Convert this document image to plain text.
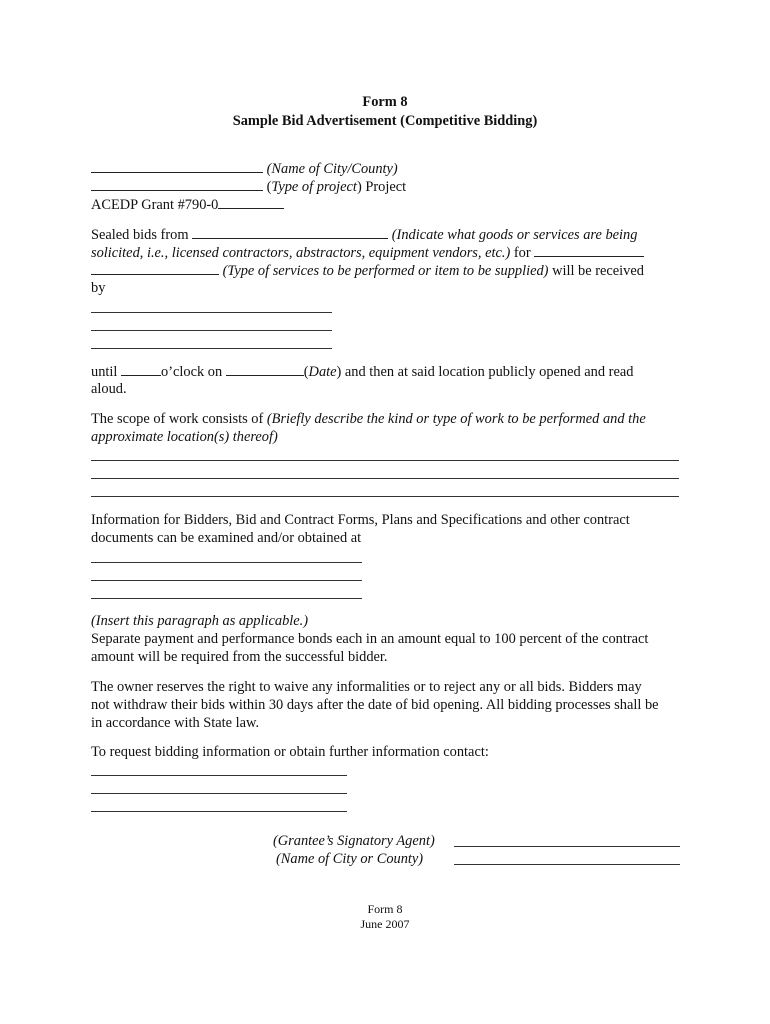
Form 8
Sample Bid Advertisement (Competitive Bidding)
(Name of City/County)
(Type of project) Project
ACEDP Grant #790-0
Sealed bids from	(Indicate what goods or services are being
solicited, i.e., licensed contractors, abstractors, equipment vendors, etc.) for
(Type of services to be performed or item to be supplied) will be received
by
until	o’clock on	(Date) and then at said location publicly opened and read
aloud.
The scope of work consists of (Briefly describe the kind or type of work to be performed and the
approximate location(s) thereof)
Information for Bidders, Bid and Contract Forms, Plans and Specifications and other contract
documents can be examined and/or obtained at
(Insert this paragraph as applicable.)
Separate payment and performance bonds each in an amount equal to 100 percent of the contract
amount will be required from the successful bidder.
The owner reserves the right to waive any informalities or to reject any or all bids. Bidders may
not withdraw their bids within 30 days after the date of bid opening. All bidding processes shall be
in accordance with State law.
To request bidding information or obtain further information contact:
(Grantee’s Signatory Agent)
(Name of City or County)
Form 8
June 2007
